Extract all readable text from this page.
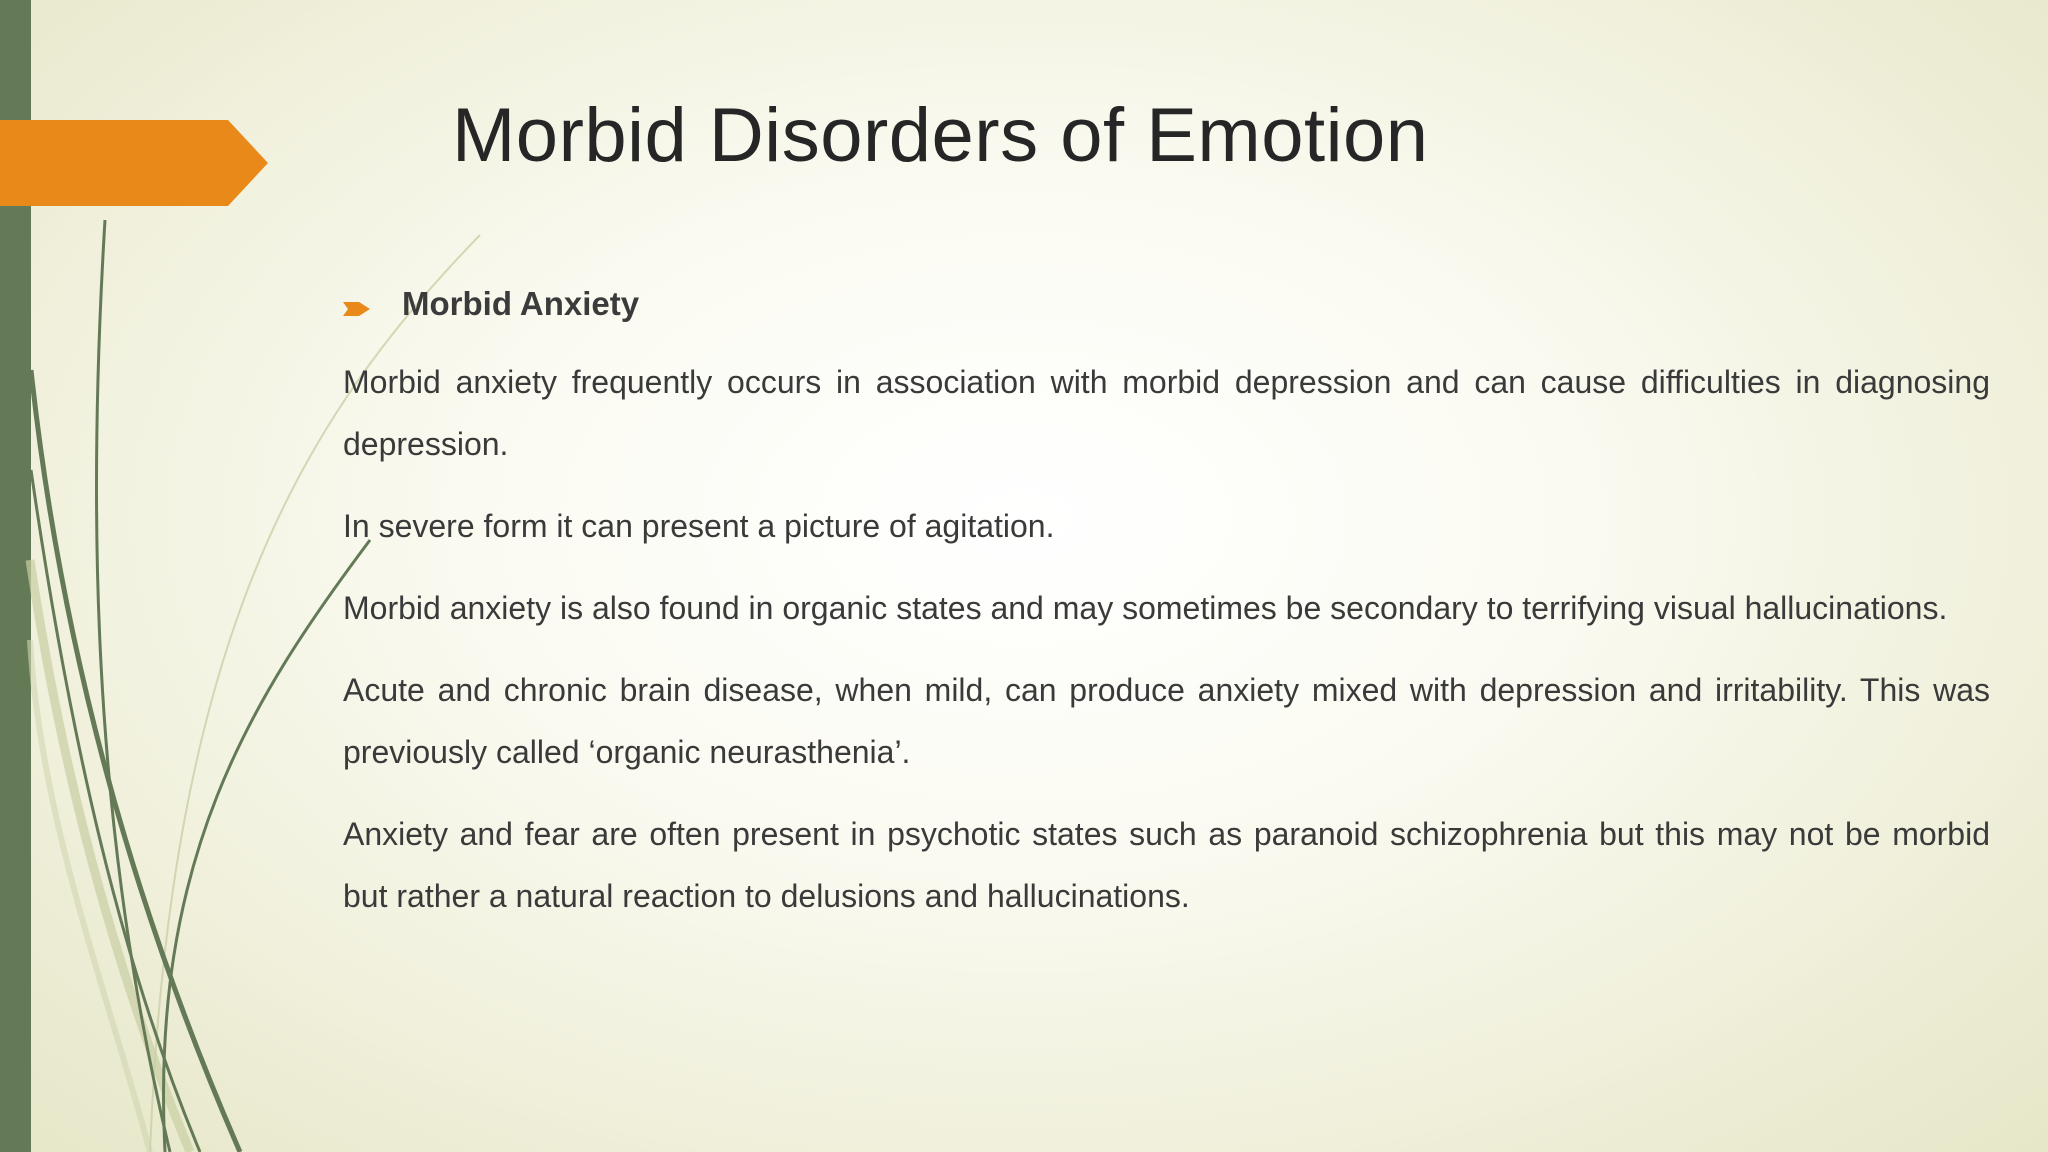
Morbid Disorders of Emotion
Morbid Anxiety

Morbid anxiety frequently occurs in association with morbid depression and can cause difficulties in diagnosing depression.

In severe form it can present a picture of agitation.

Morbid anxiety is also found in organic states and may sometimes be secondary to terrifying visual hallucinations.

Acute and chronic brain disease, when mild, can produce anxiety mixed with depression and irritability. This was previously called ‘organic neurasthenia’.

Anxiety and fear are often present in psychotic states such as paranoid schizophrenia but this may not be morbid but rather a natural reaction to delusions and hallucinations.
